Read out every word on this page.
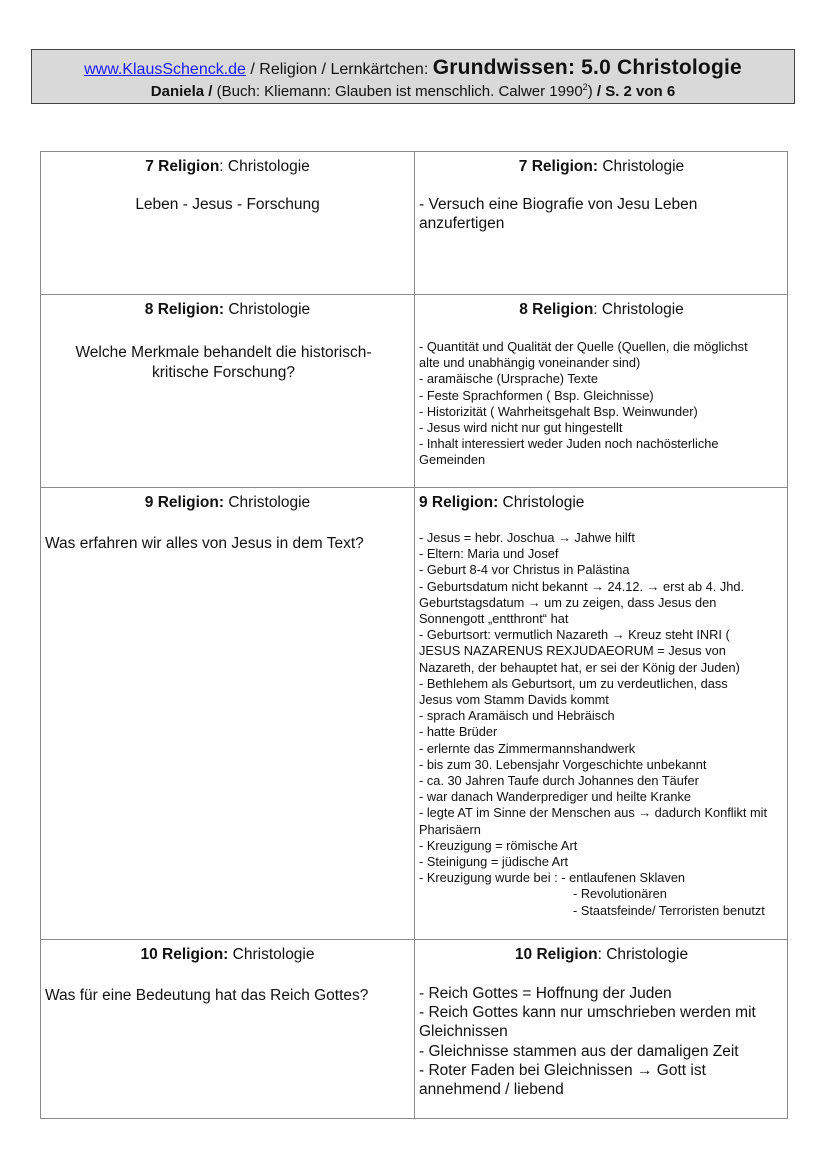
www.KlausSchenck.de / Religion / Lernkärtchen: Grundwissen: 5.0 Christologie
Daniela / (Buch: Kliemann: Glauben ist menschlich. Calwer 1990$^2$) / S. 2 von 6
7 Religion: Christologie
Leben - Jesus - Forschung
7 Religion: Christologie
- Versuch eine Biografie von Jesu Leben anzufertigen
8 Religion: Christologie
Welche Merkmale behandelt die historisch-kritische Forschung?
8 Religion: Christologie
- Quantität und Qualität der Quelle (Quellen, die möglichst alte und unabhängig voneinander sind)
- aramäische (Ursprache) Texte
- Feste Sprachformen ( Bsp. Gleichnisse)
- Historizität ( Wahrheitsgehalt Bsp. Weinwunder)
- Jesus wird nicht nur gut hingestellt
- Inhalt interessiert weder Juden noch nachösterliche Gemeinden
9 Religion: Christologie
Was erfahren wir alles von Jesus in dem Text?
9 Religion: Christologie
- Jesus = hebr. Joschua → Jahwe hilft
- Eltern: Maria und Josef
- Geburt 8-4 vor Christus in Palästina
- Geburtsdatum nicht bekannt → 24.12. → erst ab 4. Jhd. Geburtstagsdatum → um zu zeigen, dass Jesus den Sonnengott „entthront“ hat
- Geburtsort: vermutlich Nazareth → Kreuz steht INRI ( JESUS NAZARENUS REXJUDAEORUM = Jesus von Nazareth, der behauptet hat, er sei der König der Juden)
- Bethlehem als Geburtsort, um zu verdeutlichen, dass Jesus vom Stamm Davids kommt
- sprach Aramäisch und Hebräisch
- hatte Brüder
- erlernte das Zimmermannshandwerk
- bis zum 30. Lebensjahr Vorgeschichte unbekannt
- ca. 30 Jahren Taufe durch Johannes den Täufer
- war danach Wanderprediger und heilte Kranke
- legte AT im Sinne der Menschen aus → dadurch Konflikt mit Pharisäern
- Kreuzigung = römische Art
- Steinigung = jüdische Art
- Kreuzigung wurde bei : - entlaufenen Sklaven
- Revolutionären
- Staatsfeinde/ Terroristen benutzt
10 Religion: Christologie
Was für eine Bedeutung hat das Reich Gottes?
10 Religion: Christologie
- Reich Gottes = Hoffnung der Juden
- Reich Gottes kann nur umschrieben werden mit Gleichnissen
- Gleichnisse stammen aus der damaligen Zeit
- Roter Faden bei Gleichnissen → Gott ist annehmend / liebend
